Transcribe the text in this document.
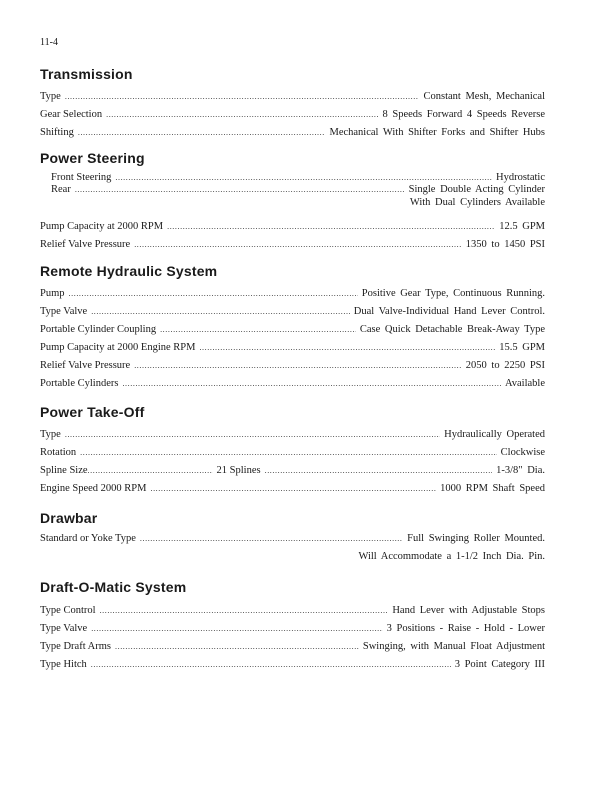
11-4
Transmission
Type .....	Constant Mesh, Mechanical
Gear Selection .....	8 Speeds Forward 4 Speeds Reverse
Shifting .....	Mechanical With Shifter Forks and Shifter Hubs
Power Steering
Front Steering .....	Hydrostatic
Rear .....	Single Double Acting Cylinder
With Dual Cylinders Available
Pump Capacity at 2000 RPM .....	12.5 GPM
Relief Valve Pressure .....	1350 to 1450 PSI
Remote Hydraulic System
Pump .....	Positive Gear Type, Continuous Running.
Type Valve .....	Dual Valve-Individual Hand Lever Control.
Portable Cylinder Coupling .....	Case Quick Detachable Break-Away Type
Pump Capacity at 2000 Engine RPM .....	15.5 GPM
Relief Valve Pressure .....	2050 to 2250 PSI
Portable Cylinders .....	Available
Power Take-Off
Type .....	Hydraulically Operated
Rotation .....	Clockwise
Spline Size .....	21 Splines .....	1-3/8" Dia.
Engine Speed 2000 RPM .....	1000 RPM Shaft Speed
Drawbar
Standard or Yoke Type .....	Full Swinging Roller Mounted.
Will Accommodate a 1-1/2 Inch Dia. Pin.
Draft-O-Matic System
Type Control .....	Hand Lever with Adjustable Stops
Type Valve .....	3 Positions - Raise - Hold - Lower
Type Draft Arms .....	Swinging, with Manual Float Adjustment
Type Hitch .....	3 Point Category III
